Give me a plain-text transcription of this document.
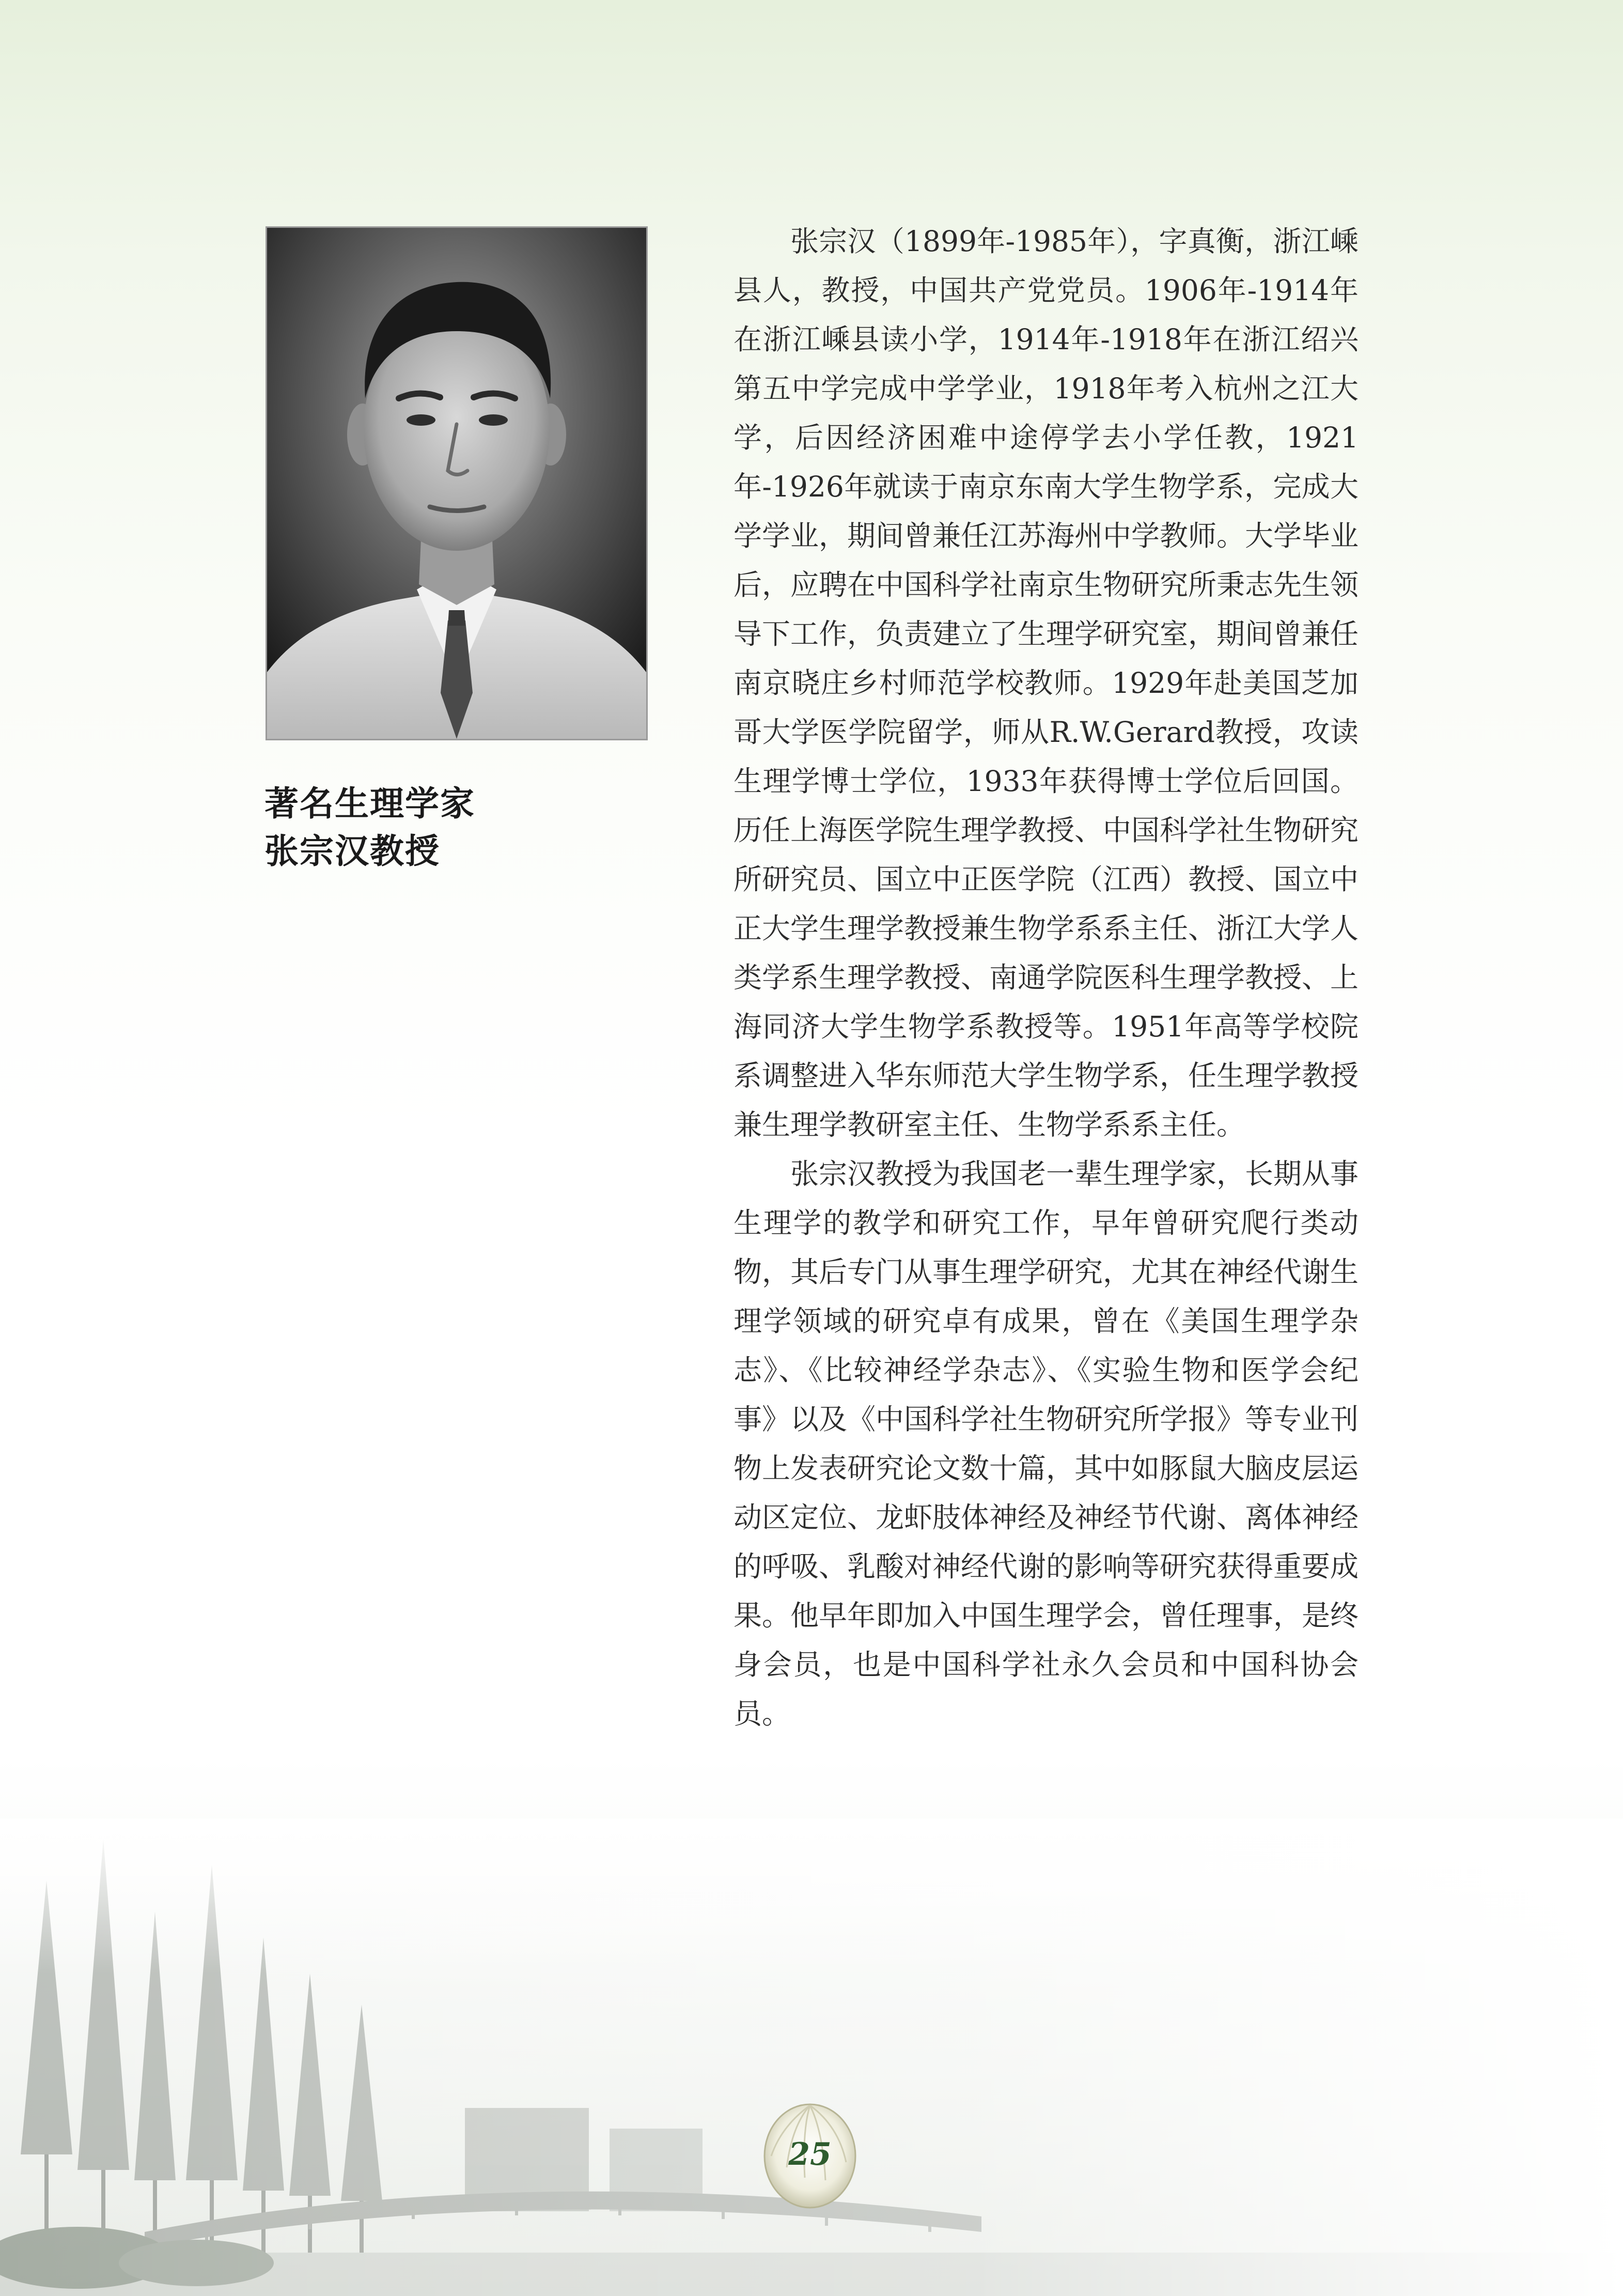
著名生理学家
张宗汉教授

张宗汉（1899年-1985年），字真衡，浙江嵊县人，教授，中国共产党党员。1906年-1914年在浙江嵊县读小学，1914年-1918年在浙江绍兴第五中学完成中学学业，1918年考入杭州之江大学，后因经济困难中途停学去小学任教，1921年-1926年就读于南京东南大学生物学系，完成大学学业，期间曾兼任江苏海州中学教师。大学毕业后，应聘在中国科学社南京生物研究所秉志先生领导下工作，负责建立了生理学研究室，期间曾兼任南京晓庄乡村师范学校教师。1929年赴美国芝加哥大学医学院留学，师从R.W.Gerard教授，攻读生理学博士学位，1933年获得博士学位后回国。历任上海医学院生理学教授、中国科学社生物研究所研究员、国立中正医学院（江西）教授、国立中正大学生理学教授兼生物学系系主任、浙江大学人类学系生理学教授、南通学院医科生理学教授、上海同济大学生物学系教授等。1951年高等学校院系调整进入华东师范大学生物学系，任生理学教授兼生理学教研室主任、生物学系系主任。

张宗汉教授为我国老一辈生理学家，长期从事生理学的教学和研究工作，早年曾研究爬行类动物，其后专门从事生理学研究，尤其在神经代谢生理学领域的研究卓有成果，曾在《美国生理学杂志》、《比较神经学杂志》、《实验生物和医学会纪事》以及《中国科学社生物研究所学报》等专业刊物上发表研究论文数十篇，其中如豚鼠大脑皮层运动区定位、龙虾肢体神经及神经节代谢、离体神经的呼吸、乳酸对神经代谢的影响等研究获得重要成果。他早年即加入中国生理学会，曾任理事，是终身会员，也是中国科学社永久会员和中国科协会员。

25
